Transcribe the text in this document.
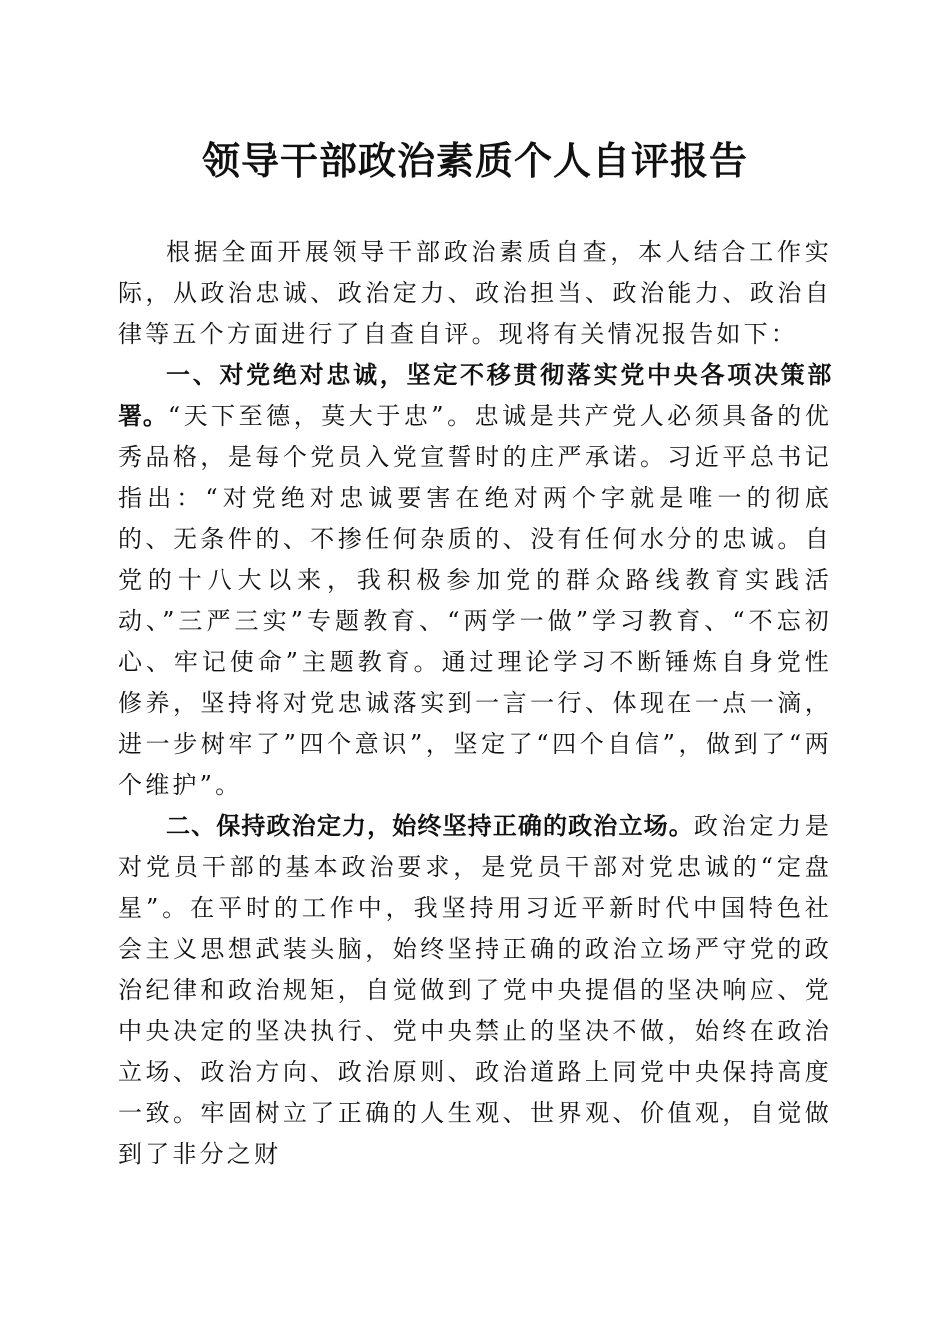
领导干部政治素质个人自评报告

根据全面开展领导干部政治素质自查，本人结合工作实际，从政治忠诚、政治定力、政治担当、政治能力、政治自律等五个方面进行了自查自评。现将有关情况报告如下：

一、对党绝对忠诚，坚定不移贯彻落实党中央各项决策部署。“天下至德，莫大于忠”。忠诚是共产党人必须具备的优秀品格，是每个党员入党宣誓时的庄严承诺。习近平总书记指出：“对党绝对忠诚要害在绝对两个字就是唯一的彻底的、无条件的、不掺任何杂质的、没有任何水分的忠诚。自党的十八大以来，我积极参加党的群众路线教育实践活动、”三严三实”专题教育、“两学一做”学习教育、“不忘初心、牢记使命”主题教育。通过理论学习不断锤炼自身党性修养，坚持将对党忠诚落实到一言一行、体现在一点一滴，进一步树牢了”四个意识”，坚定了“四个自信”，做到了“两个维护”。

二、保持政治定力，始终坚持正确的政治立场。政治定力是对党员干部的基本政治要求，是党员干部对党忠诚的“定盘星”。在平时的工作中，我坚持用习近平新时代中国特色社会主义思想武装头脑，始终坚持正确的政治立场严守党的政治纪律和政治规矩，自觉做到了党中央提倡的坚决响应、党中央决定的坚决执行、党中央禁止的坚决不做，始终在政治立场、政治方向、政治原则、政治道路上同党中央保持高度一致。牢固树立了正确的人生观、世界观、价值观，自觉做到了非分之财
